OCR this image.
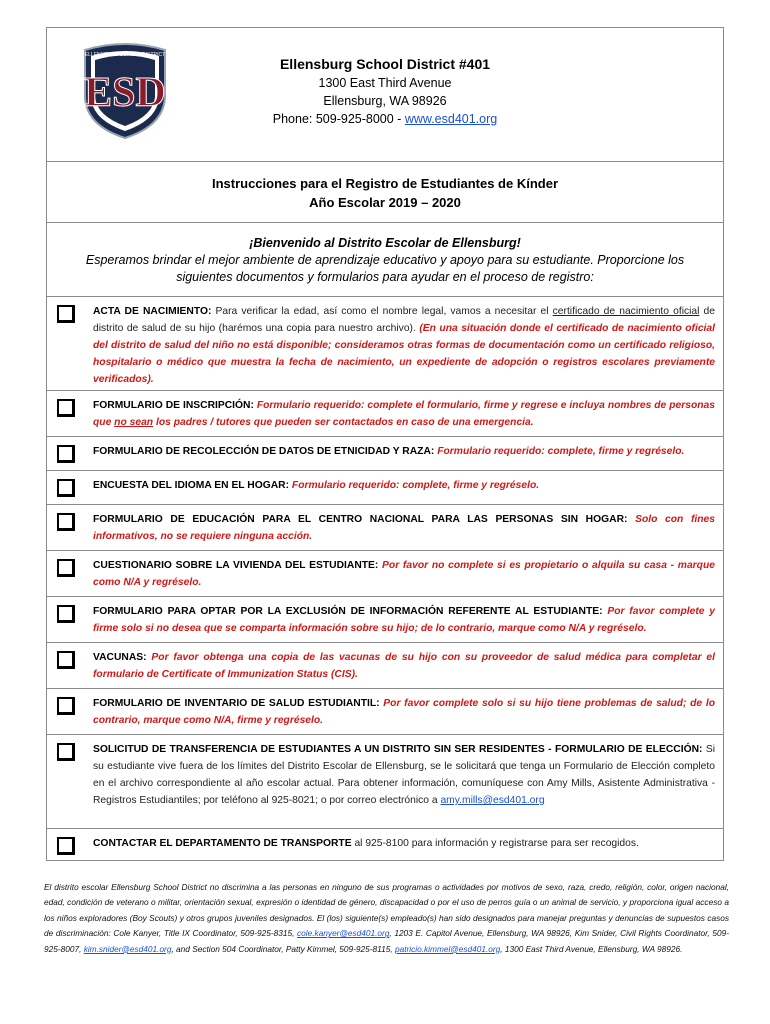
ELLENSBURG SCHOOL DISTRICT
ESD
Ellensburg School District #401
1300 East Third Avenue
Ellensburg, WA 98926
Phone: 509-925-8000 - www.esd401.org
Instrucciones para el Registro de Estudiantes de Kínder
Año Escolar 2019 – 2020
¡Bienvenido al Distrito Escolar de Ellensburg!
Esperamos brindar el mejor ambiente de aprendizaje educativo y apoyo para su estudiante. Proporcione los
siguientes documentos y formularios para ayudar en el proceso de registro:
ACTA DE NACIMIENTO: Para verificar la edad, así como el nombre legal, vamos a necesitar el certificado de nacimiento oficial de distrito de salud de su hijo (harémos una copia para nuestro archivo). (En una situación donde el certificado de nacimiento oficial del distrito de salud del niño no está disponible; consideramos otras formas de documentación como un certificado religioso, hospitalario o médico que muestra la fecha de nacimiento, un expediente de adopción o registros escolares previamente verificados).
FORMULARIO DE INSCRIPCIÓN: Formulario requerido: complete el formulario, firme y regrese e incluya nombres de personas que no sean los padres / tutores que pueden ser contactados en caso de una emergencia.
FORMULARIO DE RECOLECCIÓN DE DATOS DE ETNICIDAD Y RAZA: Formulario requerido: complete, firme y regréselo.
ENCUESTA DEL IDIOMA EN EL HOGAR: Formulario requerido: complete, firme y regréselo.
FORMULARIO DE EDUCACIÓN PARA EL CENTRO NACIONAL PARA LAS PERSONAS SIN HOGAR: Solo con fines informativos, no se requiere ninguna acción.
CUESTIONARIO SOBRE LA VIVIENDA DEL ESTUDIANTE: Por favor no complete si es propietario o alquila su casa - marque como N/A y regréselo.
FORMULARIO PARA OPTAR POR LA EXCLUSIÓN DE INFORMACIÓN REFERENTE AL ESTUDIANTE: Por favor complete y firme solo si no desea que se comparta información sobre su hijo; de lo contrario, marque como N/A y regréselo.
VACUNAS: Por favor obtenga una copia de las vacunas de su hijo con su proveedor de salud médica para completar el formulario de Certificate of Immunization Status (CIS).
FORMULARIO DE INVENTARIO DE SALUD ESTUDIANTIL: Por favor complete solo si su hijo tiene problemas de salud; de lo contrario, marque como N/A, firme y regréselo.
SOLICITUD DE TRANSFERENCIA DE ESTUDIANTES A UN DISTRITO SIN SER RESIDENTES - FORMULARIO DE ELECCIÓN: Si su estudiante vive fuera de los límites del Distrito Escolar de Ellensburg, se le solicitará que tenga un Formulario de Elección completo en el archivo correspondiente al año escolar actual. Para obtener información, comuníquese con Amy Mills, Asistente Administrativa - Registros Estudiantiles; por teléfono al 925-8021; o por correo electrónico a amy.mills@esd401.org
CONTACTAR EL DEPARTAMENTO DE TRANSPORTE al 925-8100 para información y registrarse para ser recogidos.
El distrito escolar Ellensburg School District no discrimina a las personas en ninguno de sus programas o actividades por motivos de sexo, raza, credo, religión, color, origen nacional, edad, condición de veterano o militar, orientación sexual, expresión o identidad de género, discapacidad o por el uso de perros guía o un animal de servicio, y proporciona igual acceso a los niños exploradores (Boy Scouts) y otros grupos juveniles designados. El (los) siguiente(s) empleado(s) han sido designados para manejar preguntas y denuncias de supuestos casos de discriminación: Cole Kanyer, Title IX Coordinator, 509-925-8315, cole.kanyer@esd401.org, 1203 E. Capitol Avenue, Ellensburg, WA 98926, Kim Snider, Civil Rights Coordinator, 509-925-8007, kim.snider@esd401.org, and Section 504 Coordinator, Patty Kimmel, 509-925-8115, patricio.kimmel@esd401.org, 1300 East Third Avenue, Ellensburg, WA 98926.
